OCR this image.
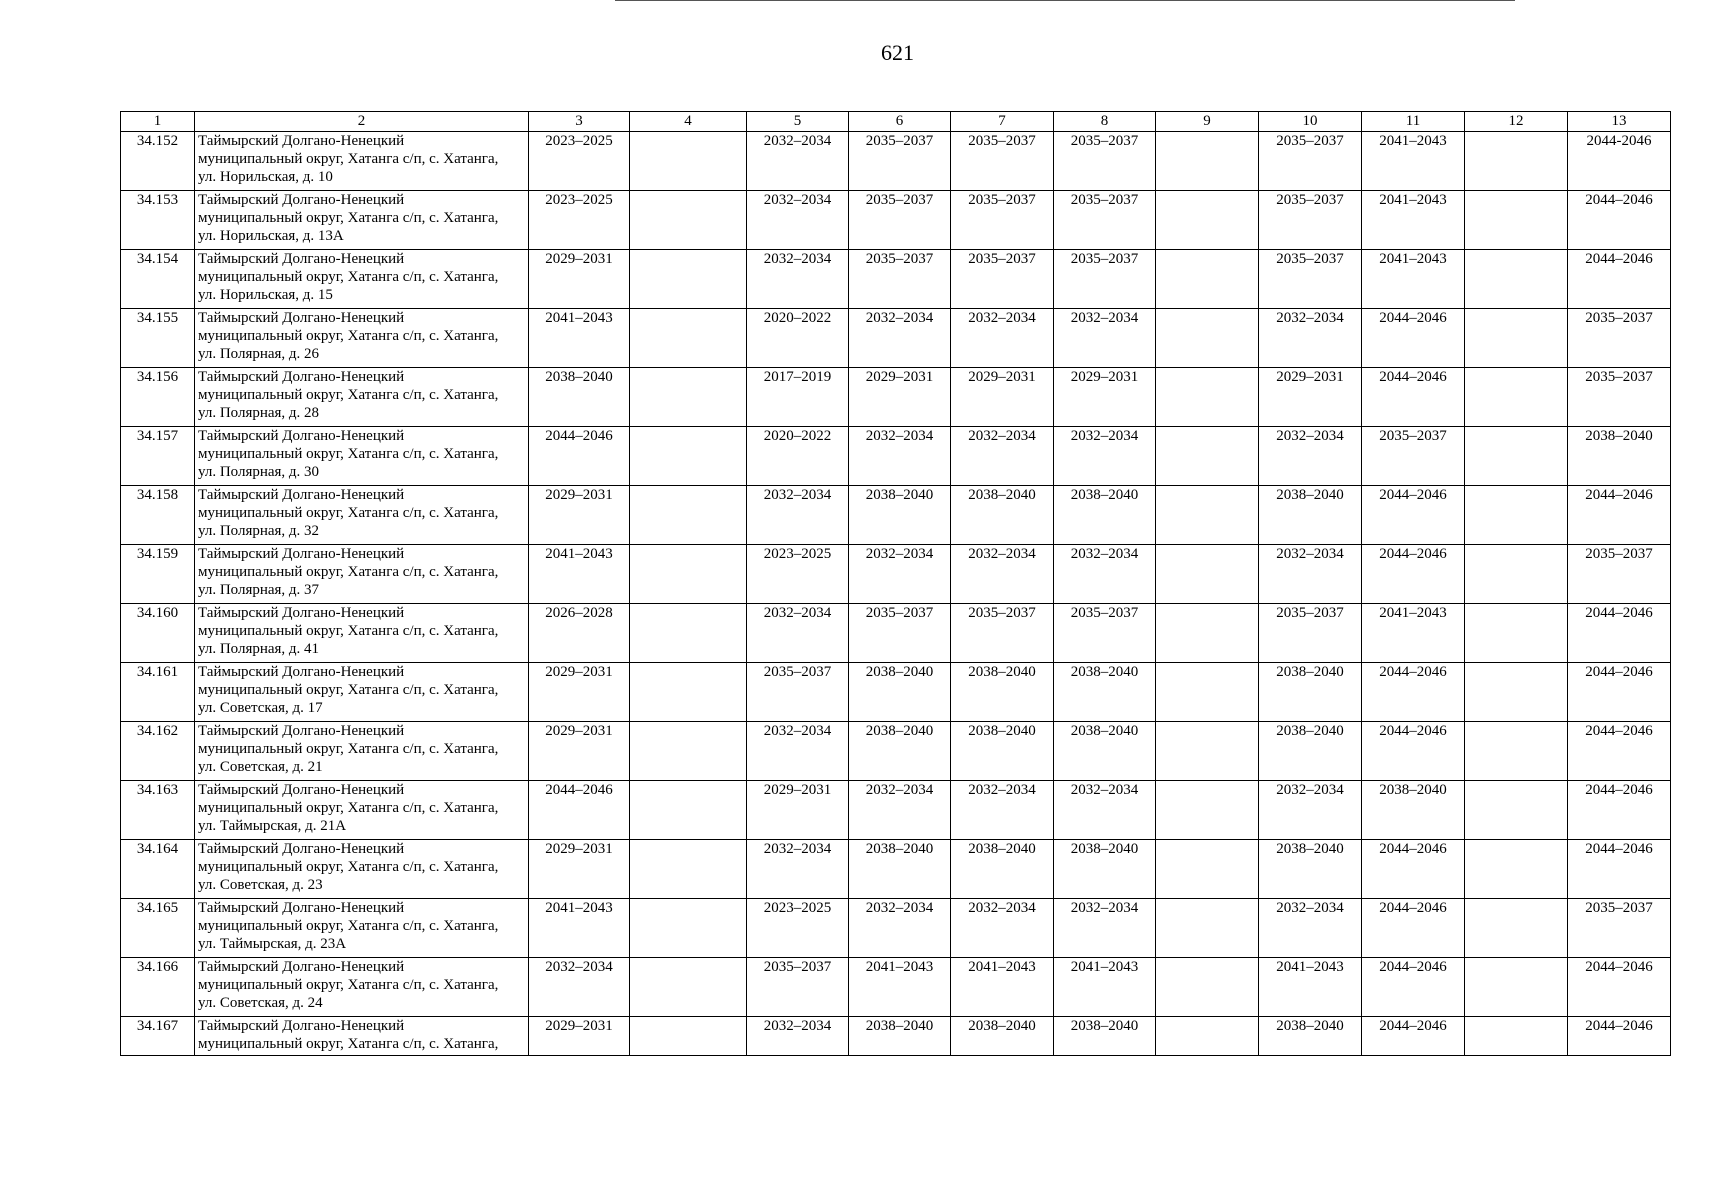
621
1	2	3	4	5	6	7	8	9	10	11	12	13
34.152	Таймырский Долгано-Ненецкий
муниципальный округ, Хатанга с/п, с. Хатанга,
ул. Норильская, д. 10	2023–2025		2032–2034	2035–2037	2035–2037	2035–2037		2035–2037	2041–2043		2044-2046
34.153	Таймырский Долгано-Ненецкий
муниципальный округ, Хатанга с/п, с. Хатанга,
ул. Норильская, д. 13А	2023–2025		2032–2034	2035–2037	2035–2037	2035–2037		2035–2037	2041–2043		2044–2046
34.154	Таймырский Долгано-Ненецкий
муниципальный округ, Хатанга с/п, с. Хатанга,
ул. Норильская, д. 15	2029–2031		2032–2034	2035–2037	2035–2037	2035–2037		2035–2037	2041–2043		2044–2046
34.155	Таймырский Долгано-Ненецкий
муниципальный округ, Хатанга с/п, с. Хатанга,
ул. Полярная, д. 26	2041–2043		2020–2022	2032–2034	2032–2034	2032–2034		2032–2034	2044–2046		2035–2037
34.156	Таймырский Долгано-Ненецкий
муниципальный округ, Хатанга с/п, с. Хатанга,
ул. Полярная, д. 28	2038–2040		2017–2019	2029–2031	2029–2031	2029–2031		2029–2031	2044–2046		2035–2037
34.157	Таймырский Долгано-Ненецкий
муниципальный округ, Хатанга с/п, с. Хатанга,
ул. Полярная, д. 30	2044–2046		2020–2022	2032–2034	2032–2034	2032–2034		2032–2034	2035–2037		2038–2040
34.158	Таймырский Долгано-Ненецкий
муниципальный округ, Хатанга с/п, с. Хатанга,
ул. Полярная, д. 32	2029–2031		2032–2034	2038–2040	2038–2040	2038–2040		2038–2040	2044–2046		2044–2046
34.159	Таймырский Долгано-Ненецкий
муниципальный округ, Хатанга с/п, с. Хатанга,
ул. Полярная, д. 37	2041–2043		2023–2025	2032–2034	2032–2034	2032–2034		2032–2034	2044–2046		2035–2037
34.160	Таймырский Долгано-Ненецкий
муниципальный округ, Хатанга с/п, с. Хатанга,
ул. Полярная, д. 41	2026–2028		2032–2034	2035–2037	2035–2037	2035–2037		2035–2037	2041–2043		2044–2046
34.161	Таймырский Долгано-Ненецкий
муниципальный округ, Хатанга с/п, с. Хатанга,
ул. Советская, д. 17	2029–2031		2035–2037	2038–2040	2038–2040	2038–2040		2038–2040	2044–2046		2044–2046
34.162	Таймырский Долгано-Ненецкий
муниципальный округ, Хатанга с/п, с. Хатанга,
ул. Советская, д. 21	2029–2031		2032–2034	2038–2040	2038–2040	2038–2040		2038–2040	2044–2046		2044–2046
34.163	Таймырский Долгано-Ненецкий
муниципальный округ, Хатанга с/п, с. Хатанга,
ул. Таймырская, д. 21А	2044–2046		2029–2031	2032–2034	2032–2034	2032–2034		2032–2034	2038–2040		2044–2046
34.164	Таймырский Долгано-Ненецкий
муниципальный округ, Хатанга с/п, с. Хатанга,
ул. Советская, д. 23	2029–2031		2032–2034	2038–2040	2038–2040	2038–2040		2038–2040	2044–2046		2044–2046
34.165	Таймырский Долгано-Ненецкий
муниципальный округ, Хатанга с/п, с. Хатанга,
ул. Таймырская, д. 23А	2041–2043		2023–2025	2032–2034	2032–2034	2032–2034		2032–2034	2044–2046		2035–2037
34.166	Таймырский Долгано-Ненецкий
муниципальный округ, Хатанга с/п, с. Хатанга,
ул. Советская, д. 24	2032–2034		2035–2037	2041–2043	2041–2043	2041–2043		2041–2043	2044–2046		2044–2046
34.167	Таймырский Долгано-Ненецкий
муниципальный округ, Хатанга с/п, с. Хатанга,	2029–2031		2032–2034	2038–2040	2038–2040	2038–2040		2038–2040	2044–2046		2044–2046
